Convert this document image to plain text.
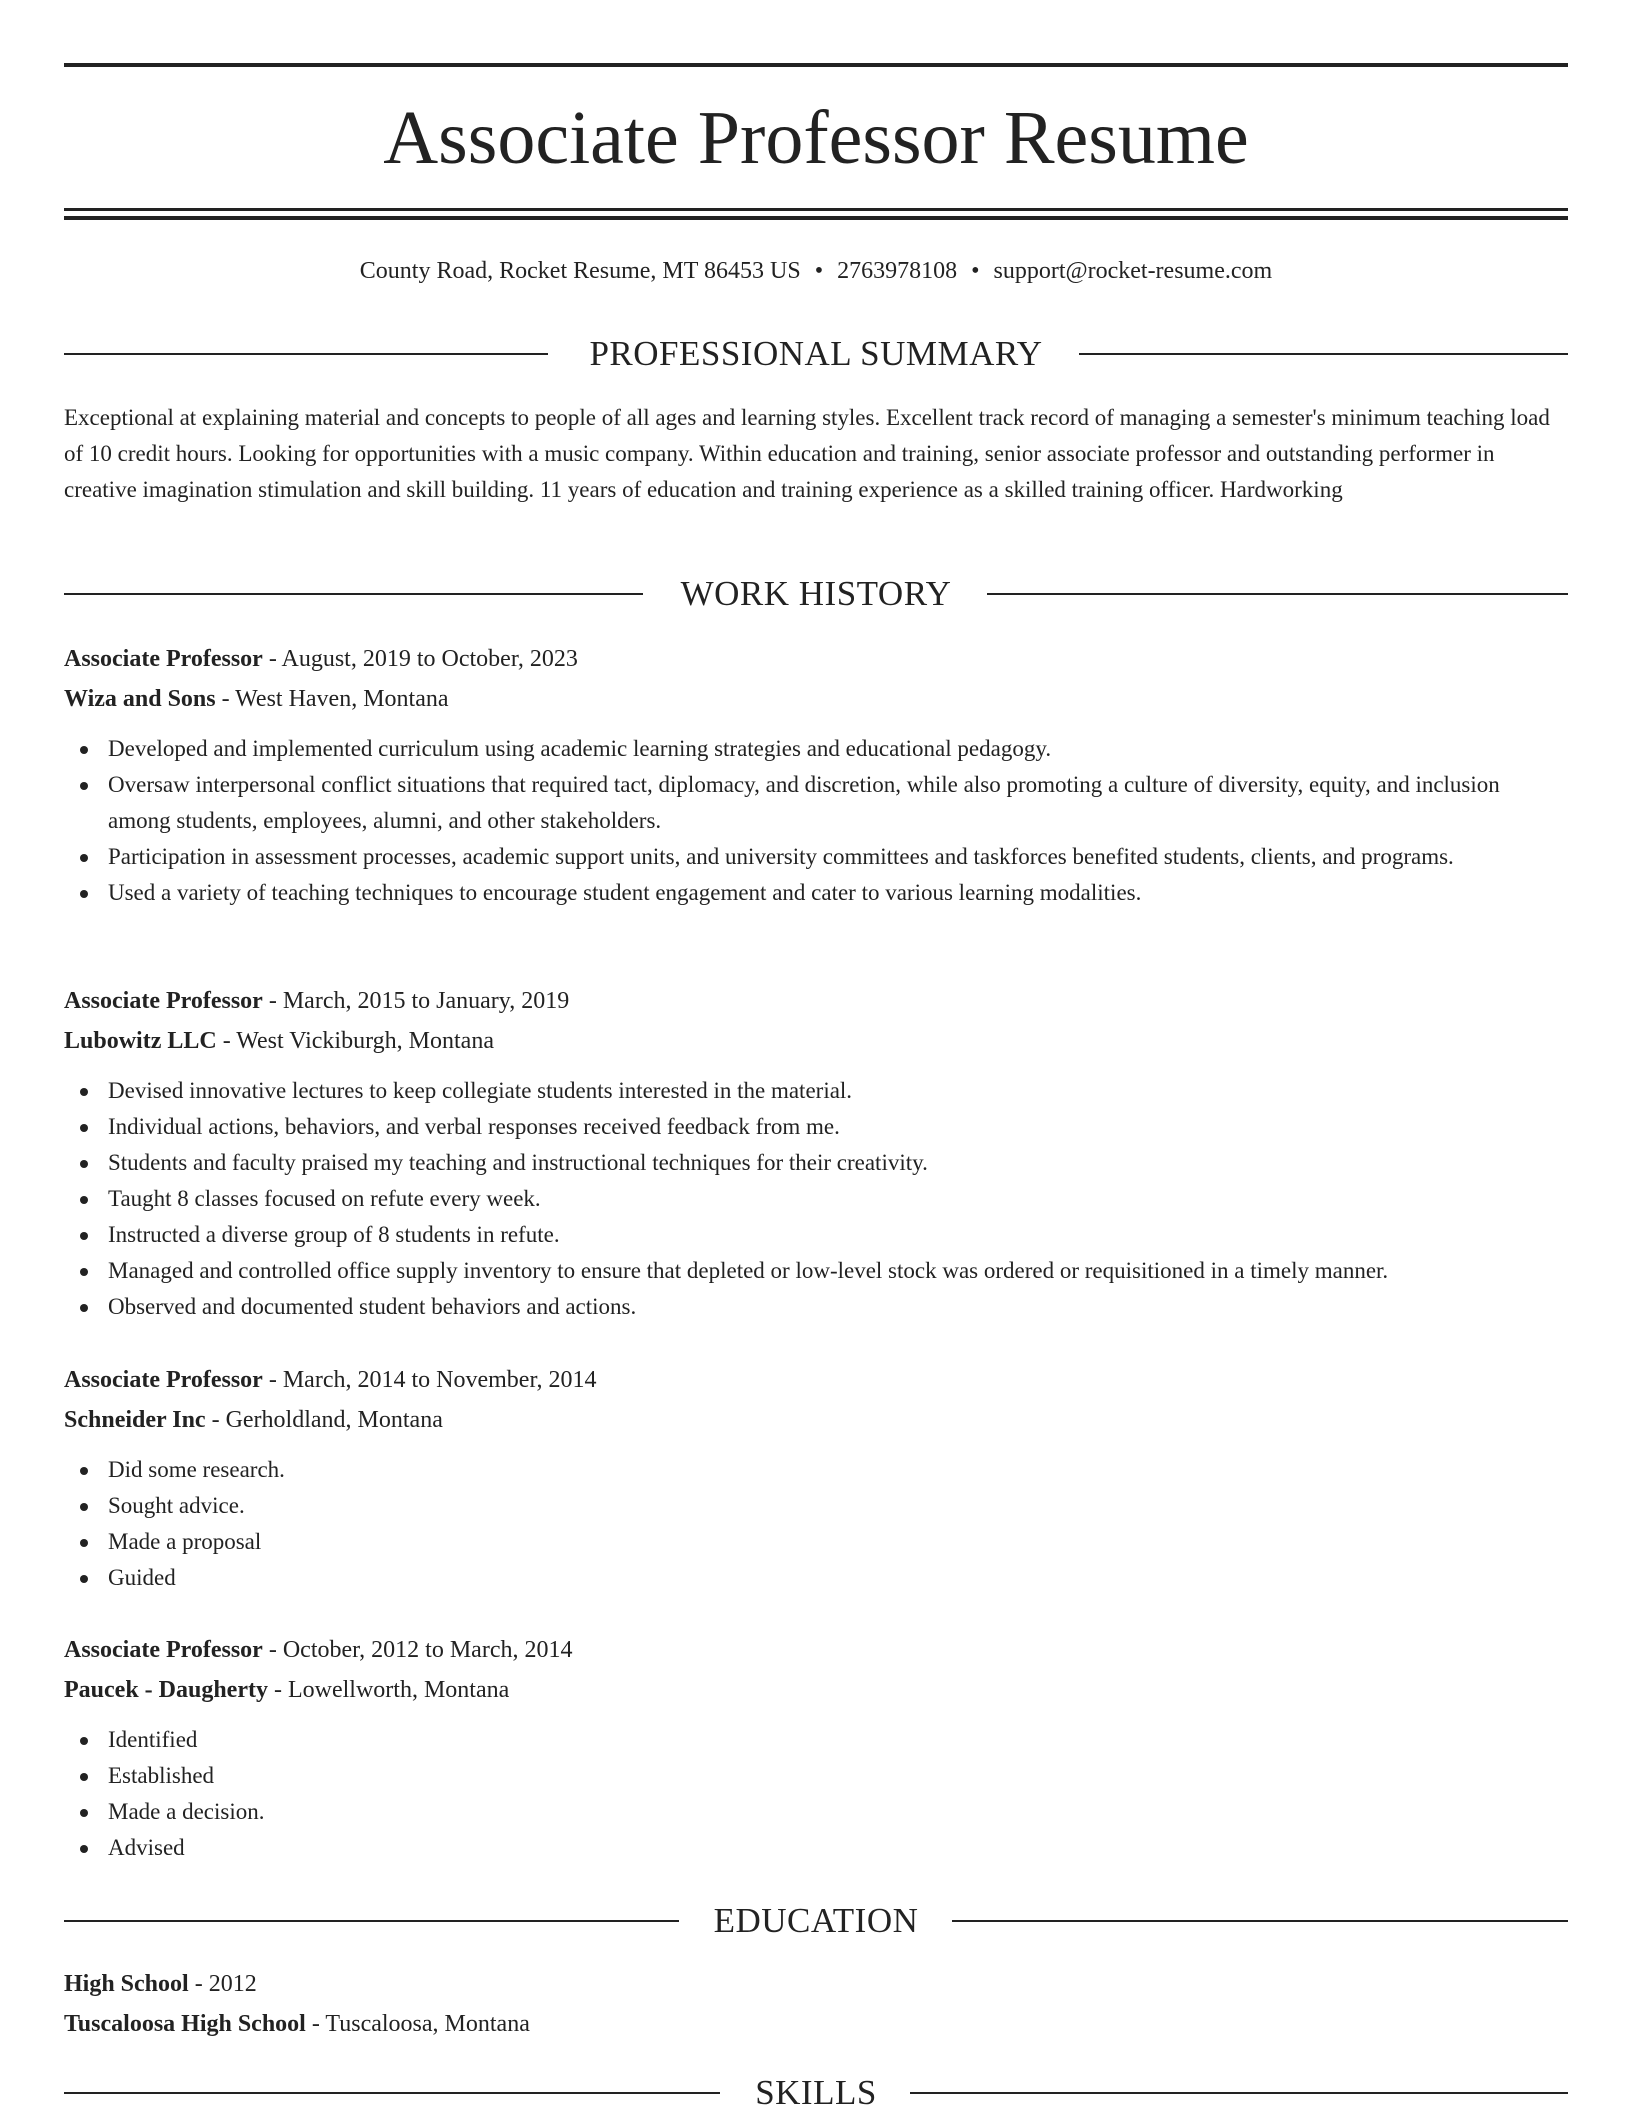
Associate Professor Resume
County Road, Rocket Resume, MT 86453 US • 2763978108 • support@rocket-resume.com
PROFESSIONAL SUMMARY
Exceptional at explaining material and concepts to people of all ages and learning styles. Excellent track record of managing a semester's minimum teaching load of 10 credit hours. Looking for opportunities with a music company. Within education and training, senior associate professor and outstanding performer in creative imagination stimulation and skill building. 11 years of education and training experience as a skilled training officer. Hardworking
WORK HISTORY
Associate Professor - August, 2019 to October, 2023
Wiza and Sons - West Haven, Montana
Developed and implemented curriculum using academic learning strategies and educational pedagogy.
Oversaw interpersonal conflict situations that required tact, diplomacy, and discretion, while also promoting a culture of diversity, equity, and inclusion among students, employees, alumni, and other stakeholders.
Participation in assessment processes, academic support units, and university committees and taskforces benefited students, clients, and programs.
Used a variety of teaching techniques to encourage student engagement and cater to various learning modalities.
Associate Professor - March, 2015 to January, 2019
Lubowitz LLC - West Vickiburgh, Montana
Devised innovative lectures to keep collegiate students interested in the material.
Individual actions, behaviors, and verbal responses received feedback from me.
Students and faculty praised my teaching and instructional techniques for their creativity.
Taught 8 classes focused on refute every week.
Instructed a diverse group of 8 students in refute.
Managed and controlled office supply inventory to ensure that depleted or low-level stock was ordered or requisitioned in a timely manner.
Observed and documented student behaviors and actions.
Associate Professor - March, 2014 to November, 2014
Schneider Inc - Gerholdland, Montana
Did some research.
Sought advice.
Made a proposal
Guided
Associate Professor - October, 2012 to March, 2014
Paucek - Daugherty - Lowellworth, Montana
Identified
Established
Made a decision.
Advised
EDUCATION
High School - 2012
Tuscaloosa High School - Tuscaloosa, Montana
SKILLS
